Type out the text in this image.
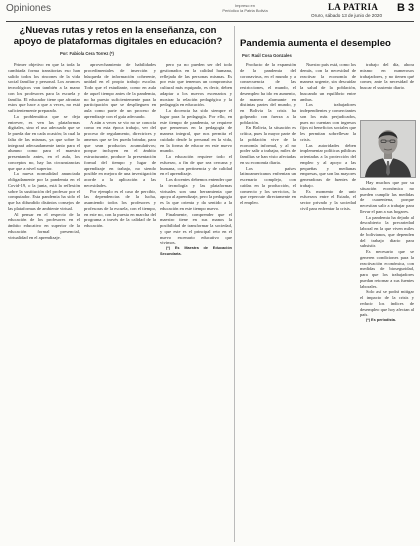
Opiniones	Impreso en
Periódico la Patria Bolivia	LA PATRIA
Oruro, sábado 13 de junio de 2020
B 3
¿Nuevas rutas y retos en la enseñanza, con apoyo de plataformas digitales en educación?
Por: Fabiola Cera Torrez (*)

Primer objetivo en que la toda la cambiada forma transitorias eso han salido todos los rincones de la vida social familiar y personal. Los avances tecnológicos van también a la mano con los profesores para la escuela y familia. El educador tiene que afrontar estos que hace a que a veces, no está suficientemente preparado.

La problemática que se deja entrever, es ven las plataformas digitales, sino el uso adecuado que se le pueda dar en cada ocasión; la cual la falta de las mismas, ya que sobre lo integrará adecuadamente tanto para el alumno como para el maestro presentando antes, en el aula, los conceptos no, hay las circunstancias que que a nivel superior.

La nueva normalidad anunciada obligadamente por la pandemia en el Covid-19, o la junta, está la reflexión sobre la sustitución del profesor por el computador. Esta pandemia ha sido el que ha difundido distintos consejos de las plataformas de ambiente virtual.

Al pensar en el respecto de la educación de los profesores en el ámbito educativo en superior de la educación formal presencial, virtualidad en el aprendizaje.

aprovechamiento de habilidades procedimentales de inserción y búsqueda de información coherente, unidad en el propio trabajo escolar. Todo que el estudiante, como en aula de aquel tiempo antes de la pandemia, no ha puesto suficientemente para la participación que se desplieguen en aula como parte de un proceso de aprendizaje con el guía adecuado.

A aún a veces se vio no se conocía como en esta época trabajo, ver del proceso de regulamento, directrices y amenos que se les pueda brindar, para que sean productos acumulativos; porque incluyen en el ámbito estructurante, produce la presentación formal del tiempo y lugar de aprendizaje en trabajo, no siendo posible en mejora de una investigación acorde a la aplicación a las necesidades.

Por ejemplo es el caso de percibir, las dependencias de la lucha, asumiendo todos los profesores y profesoras de la escuela, con el tiempo, en este no, con la puesta en marcha del programa a través de la calidad de la educación.

pero ya no pueden ser del todo gestionados en la calidad humana, reflejada de las personas mismas. Es por esto que tenemos un compromiso cultural más equipado, es decir, deben adaptar a los nuevos escenarios y mostrar la relación pedagógica y la pedagogía en educación.

La docencia ha sido siempre el lugar para la pedagogía. Por ello, en este tiempo de pandemia, se requiere que pensemos en la pedagogía de manera integral, que nos permita el cuidado desde lo personal en la vida, en la forma de educar en este nuevo mundo.

La educación requiere todo el esfuerzo, a fin de que sea cercana y humana, con pertinencia y de calidad en el aprendizaje.

Los docentes debemos entender que la tecnología y las plataformas virtuales son una herramienta que apoya al aprendizaje, pero la pedagogía es la que orienta y da sentido a la educación en este tiempo nuevo.

Finalmente, comprender que el maestro tiene en sus manos la posibilidad de transformar la sociedad, y que este es el principal reto en el nuevo escenario educativo que vivimos.

(*) Es Maestra de Educación Secundaria.

Pandemia aumenta el desempleo
Por: Raúl Cosa Gonzales

Producto de la expansión de la pandemia del coronavirus, en el mundo y a consecuencia de las restricciones, el mundo, el desempleo ha ido en aumento, de manera alarmante en distintas partes del mundo, y en Bolivia la crisis ha golpeado con fuerza a la población.

En Bolivia, la situación es crítica, pues la mayor parte de la población vive de la economía informal, y al no poder salir a trabajar, miles de familias se han visto afectadas en su economía diaria.

Los países latinoamericanos enfrentan un escenario complejo, con caídas en la producción, el comercio y los servicios, lo que repercute directamente en el empleo.

Nuestro país está, como los demás, con la necesidad de reactivar la economía de manera urgente, sin descuidar la salud de la población, buscando un equilibrio entre ambas.

Los trabajadores independientes y comerciantes son los más perjudicados, pues no cuentan con ingresos fijos ni beneficios sociales que les permitan sobrellevar la crisis.

Las autoridades deben implementar políticas públicas orientadas a la protección del empleo y al apoyo a las pequeñas y medianas empresas, que son las mayores generadoras de fuentes de trabajo.

Es momento de unir esfuerzos entre el Estado, el sector privado y la sociedad civil para enfrentar la crisis.

trabajo del día, ahora mismo en numerosos trabajadores, y no tienen qué comer, ante la necesidad de buscar el sustento diario.

Hay muchos que por su situación económica no pueden cumplir las medidas de cuarentena, porque necesitan salir a trabajar para llevar el pan a sus hogares.

La pandemia ha dejado al descubierto la precariedad laboral en la que viven miles de bolivianos, que dependen del trabajo diario para subsistir.

Es necesario que se generen condiciones para la reactivación económica, con medidas de bioseguridad, para que los trabajadores puedan retornar a sus fuentes laborales.

Solo así se podrá mitigar el impacto de la crisis y reducir los índices de desempleo que hoy afectan al país.

(*) Es periodista.
